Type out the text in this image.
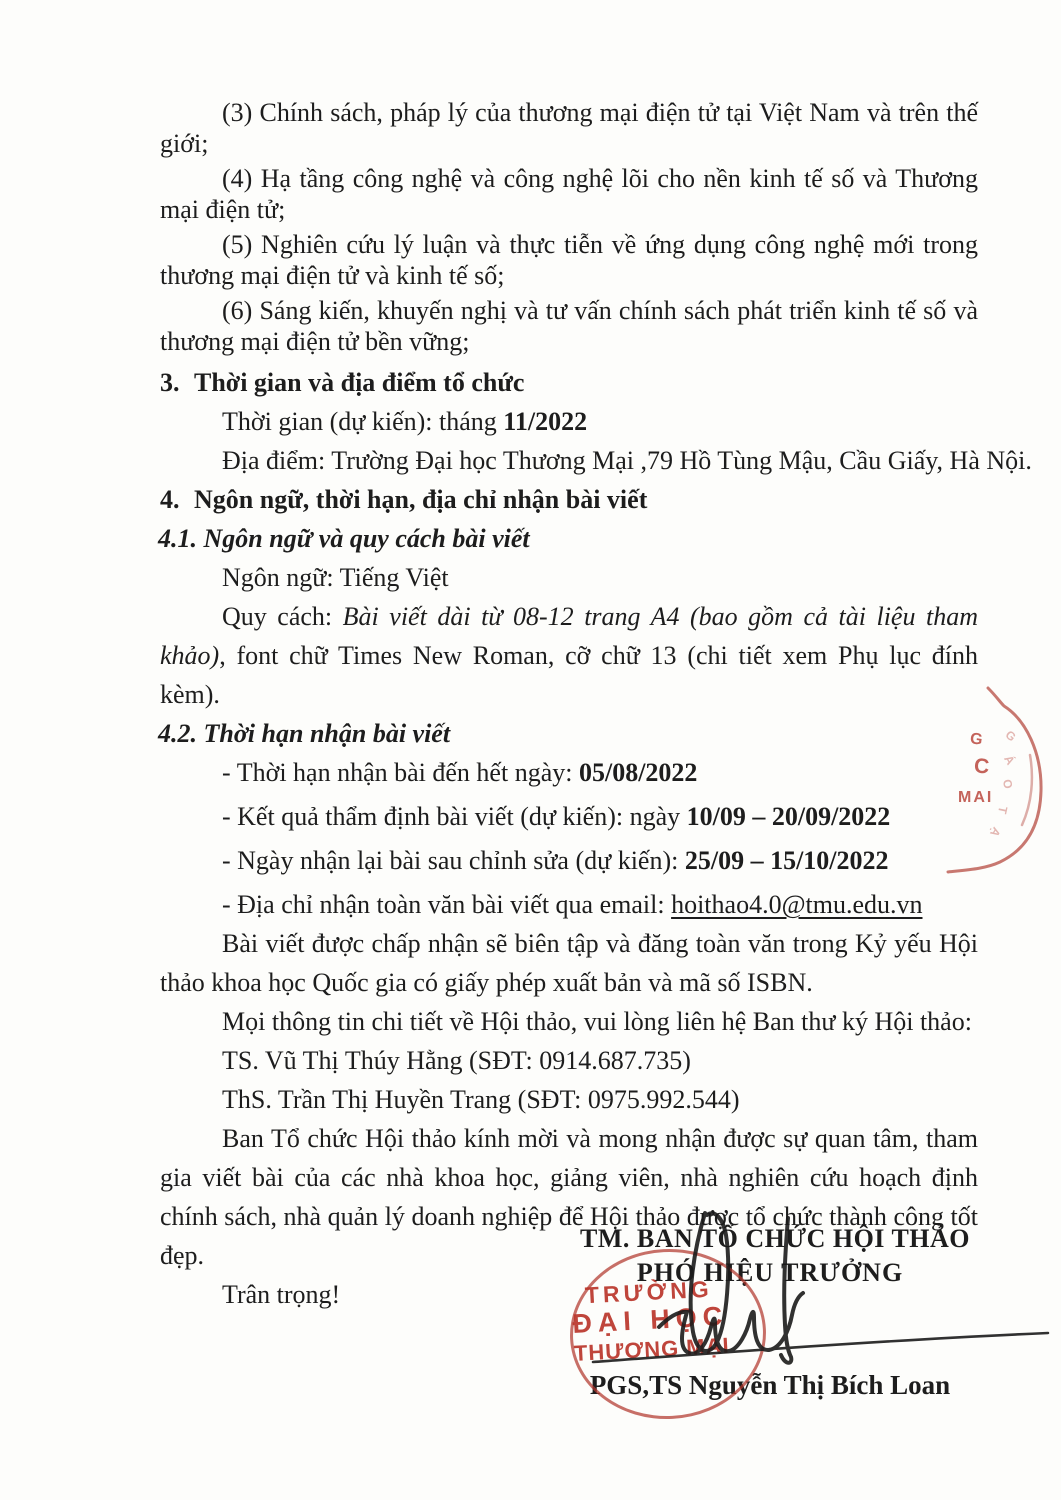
(3) Chính sách, pháp lý của thương mại điện tử tại Việt Nam và trên thế giới;

(4) Hạ tầng công nghệ và công nghệ lõi cho nền kinh tế số và Thương mại điện tử;

(5) Nghiên cứu lý luận và thực tiễn về ứng dụng công nghệ mới trong thương mại điện tử và kinh tế số;

(6) Sáng kiến, khuyến nghị và tư vấn chính sách phát triển kinh tế số và thương mại điện tử bền vững;

3. Thời gian và địa điểm tổ chức
Thời gian (dự kiến): tháng 11/2022
Địa điểm: Trường Đại học Thương Mại ,79 Hồ Tùng Mậu, Cầu Giấy, Hà Nội.
4. Ngôn ngữ, thời hạn, địa chỉ nhận bài viết
4.1. Ngôn ngữ và quy cách bài viết
Ngôn ngữ: Tiếng Việt

Quy cách: Bài viết dài từ 08-12 trang A4 (bao gồm cả tài liệu tham khảo), font chữ Times New Roman, cỡ chữ 13 (chi tiết xem Phụ lục đính kèm).

4.2. Thời hạn nhận bài viết
- Thời hạn nhận bài đến hết ngày: 05/08/2022
- Kết quả thẩm định bài viết (dự kiến): ngày 10/09 – 20/09/2022
- Ngày nhận lại bài sau chỉnh sửa (dự kiến): 25/09 – 15/10/2022
- Địa chỉ nhận toàn văn bài viết qua email: hoithao4.0@tmu.edu.vn

Bài viết được chấp nhận sẽ biên tập và đăng toàn văn trong Kỷ yếu Hội thảo khoa học Quốc gia có giấy phép xuất bản và mã số ISBN.

Mọi thông tin chi tiết về Hội thảo, vui lòng liên hệ Ban thư ký Hội thảo:
TS. Vũ Thị Thúy Hằng (SĐT: 0914.687.735)
ThS. Trần Thị Huyền Trang (SĐT: 0975.992.544)

Ban Tổ chức Hội thảo kính mời và mong nhận được sự quan tâm, tham gia viết bài của các nhà khoa học, giảng viên, nhà nghiên cứu hoạch định chính sách, nhà quản lý doanh nghiệp để Hội thảo được tổ chức thành công tốt đẹp.

Trân trọng!
TM. BAN TỔ CHỨC HỘI THẢO
PHÓ HIỆU TRƯỞNG
PGS,TS Nguyễn Thị Bích Loan
TRƯỜNG
ĐẠI HỌC
THƯƠNG MẠI
G
C
MAI
G
Á
O
T
Ạ
